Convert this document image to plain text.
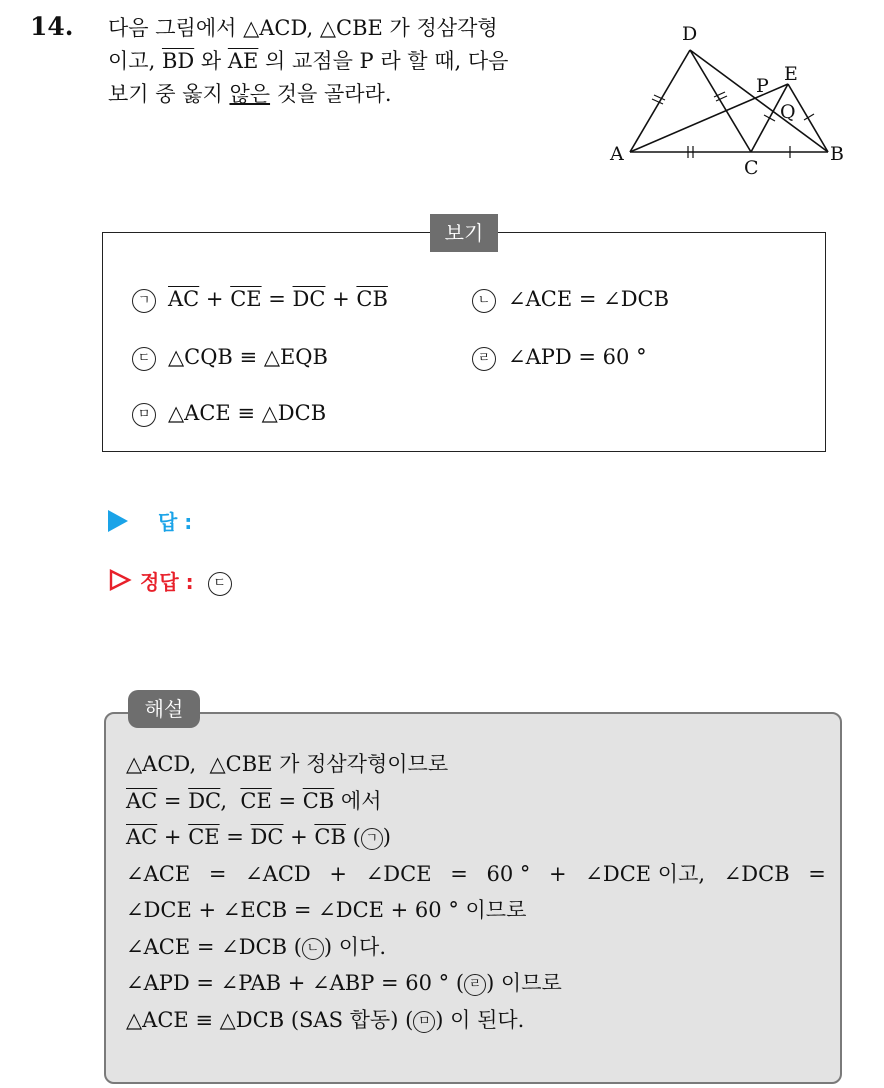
14. 다음 그림에서 △ACD, △CBE 가 정삼각형
이고, $\overline{BD}$ 와 $\overline{AE}$ 의 교점을 P 라 할 때, 다음
보기 중 옳지 않은 것을 골라라.
D
A
C
B
E
P
Q
보기
ㄱ $\overline{AC} + \overline{CE} = \overline{DC} + \overline{CB}$	ㄴ ∠ACE = ∠DCB
ㄷ △CQB ≡ △EQB	ㄹ ∠APD = 60 °
ㅁ △ACE ≡ △DCB
답 :
정답 : ㄷ
해설
△ACD,  △CBE 가 정삼각형이므로
$\overline{AC} = \overline{DC}$,  $\overline{CE} = \overline{CB}$ 에서
$\overline{AC} + \overline{CE} = \overline{DC} + \overline{CB}$ ( ㄱ )
∠ACE = ∠ACD + ∠DCE = 60 ° + ∠DCE 이고, ∠DCB =
∠DCE + ∠ECB = ∠DCE + 60 ° 이므로
∠ACE = ∠DCB ( ㄴ ) 이다.
∠APD = ∠PAB + ∠ABP = 60 ° ( ㄹ ) 이므로
△ACE ≡ △DCB (SAS 합동) ( ㅁ ) 이 된다.
